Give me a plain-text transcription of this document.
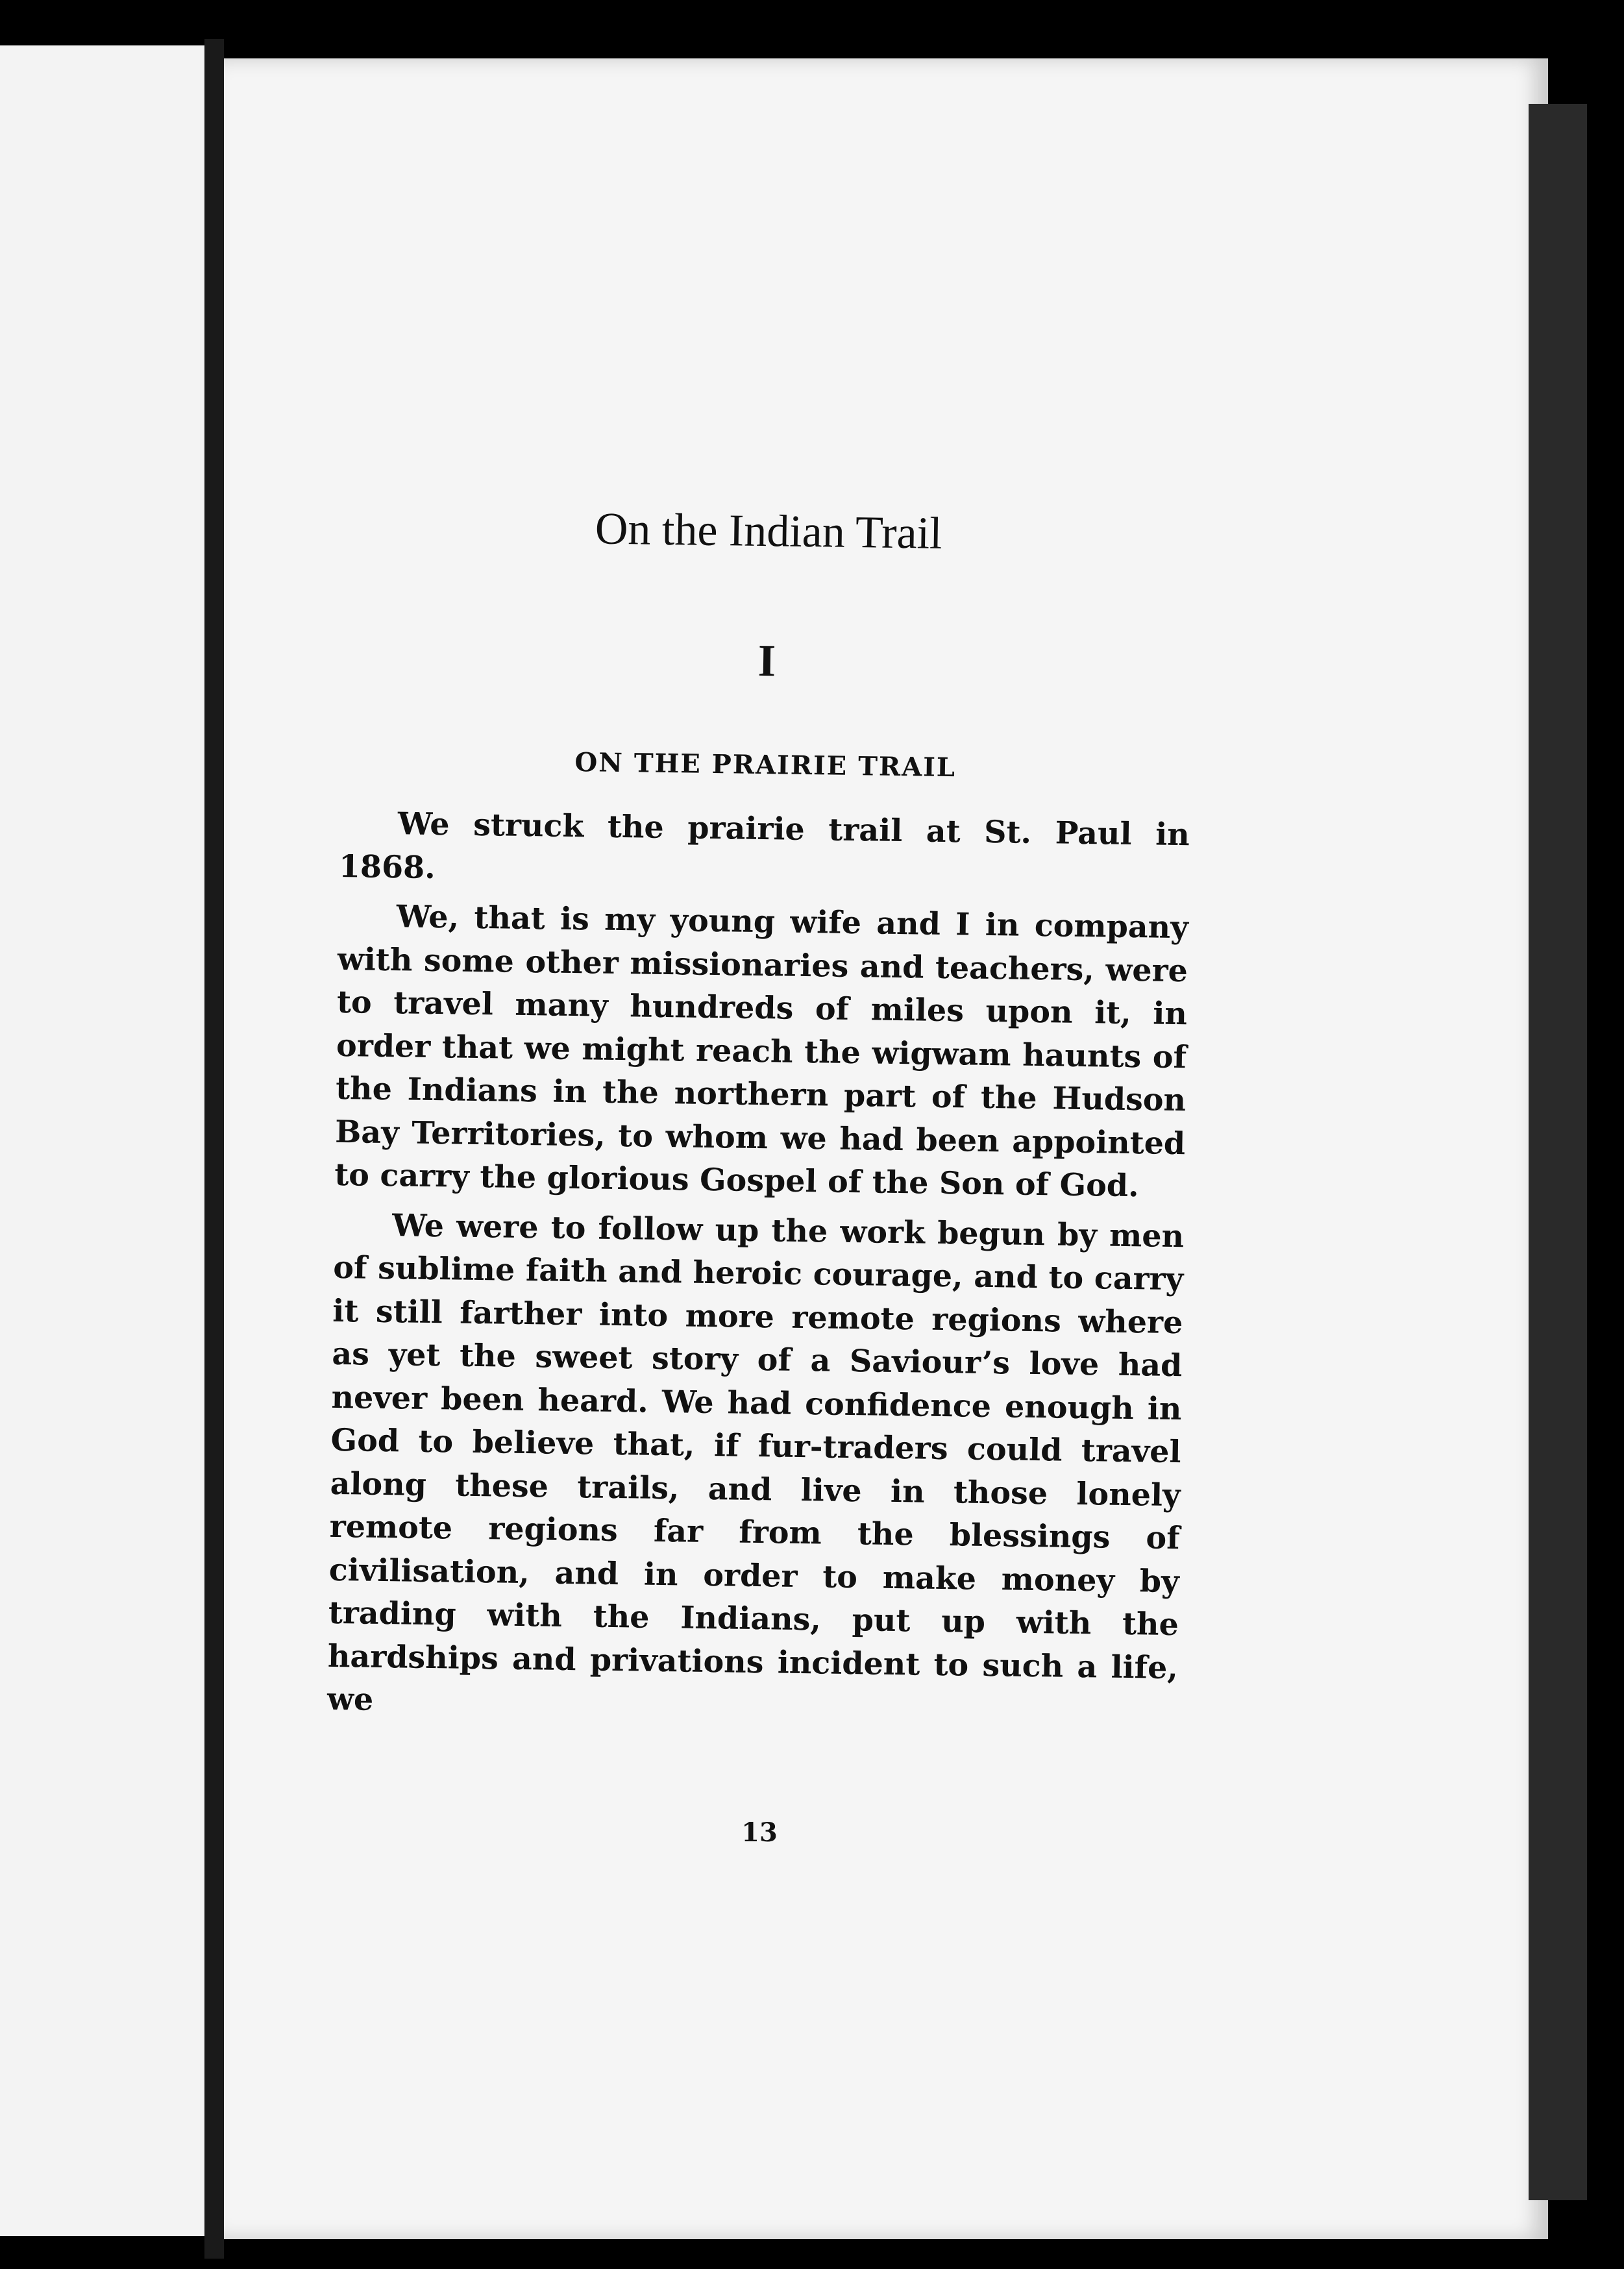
On the Indian Trail
I
ON THE PRAIRIE TRAIL

We struck the prairie trail at St. Paul in 1868.

We, that is my young wife and I in company with some other missionaries and teachers, were to travel many hundreds of miles upon it, in order that we might reach the wigwam haunts of the Indians in the northern part of the Hudson Bay Territories, to whom we had been appointed to carry the glorious Gospel of the Son of God.

We were to follow up the work begun by men of sublime faith and heroic courage, and to carry it still farther into more remote regions where as yet the sweet story of a Saviour’s love had never been heard. We had confidence enough in God to believe that, if fur-traders could travel along these trails, and live in those lonely remote regions far from the blessings of civilisation, and in order to make money by trading with the Indians, put up with the hardships and privations incident to such a life, we

13
